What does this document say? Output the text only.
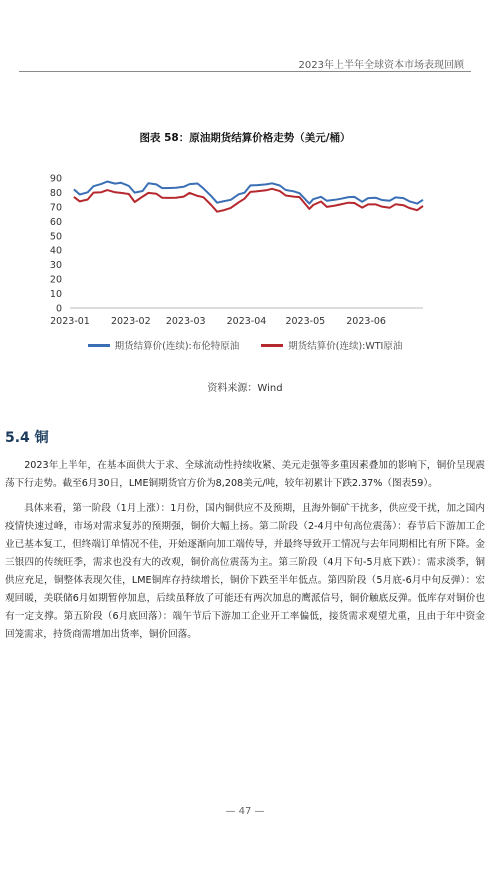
2023年上半年全球资本市场表现回顾
图表 58：原油期货结算价格走势（美元/桶）
0
10
20
30
40
50
60
70
80
90
2023-01 2023-02 2023-03 2023-04 2023-05 2023-06
期货结算价(连续):布伦特原油	期货结算价(连续):WTI原油
资料来源：Wind
5.4 铜

2023年上半年，在基本面供大于求、全球流动性持续收紧、美元走强等多重因素叠加的影响下，铜价呈现震荡下行走势。截至6月30日，LME铜期货官方价为8,208美元/吨，较年初累计下跌2.37%（图表59）。

具体来看，第一阶段（1月上涨）：1月份，国内铜供应不及预期，且海外铜矿干扰多，供应受干扰，加之国内疫情快速过峰，市场对需求复苏的预期强，铜价大幅上扬。第二阶段（2-4月中旬高位震荡）：春节后下游加工企业已基本复工，但终端订单情况不佳，开始逐渐向加工端传导，并最终导致开工情况与去年同期相比有所下降。金三银四的传统旺季，需求也没有大的改观，铜价高位震荡为主。第三阶段（4月下旬-5月底下跌）：需求淡季，铜供应充足，铜整体表现欠佳，LME铜库存持续增长，铜价下跌至半年低点。第四阶段（5月底-6月中旬反弹）：宏观回暖，美联储6月如期暂停加息，后续虽释放了可能还有两次加息的鹰派信号，铜价触底反弹。低库存对铜价也有一定支撑。第五阶段（6月底回落）：端午节后下游加工企业开工率偏低，接货需求观望尤重，且由于年中资金回笼需求，持货商需增加出货率，铜价回落。

— 47 —
